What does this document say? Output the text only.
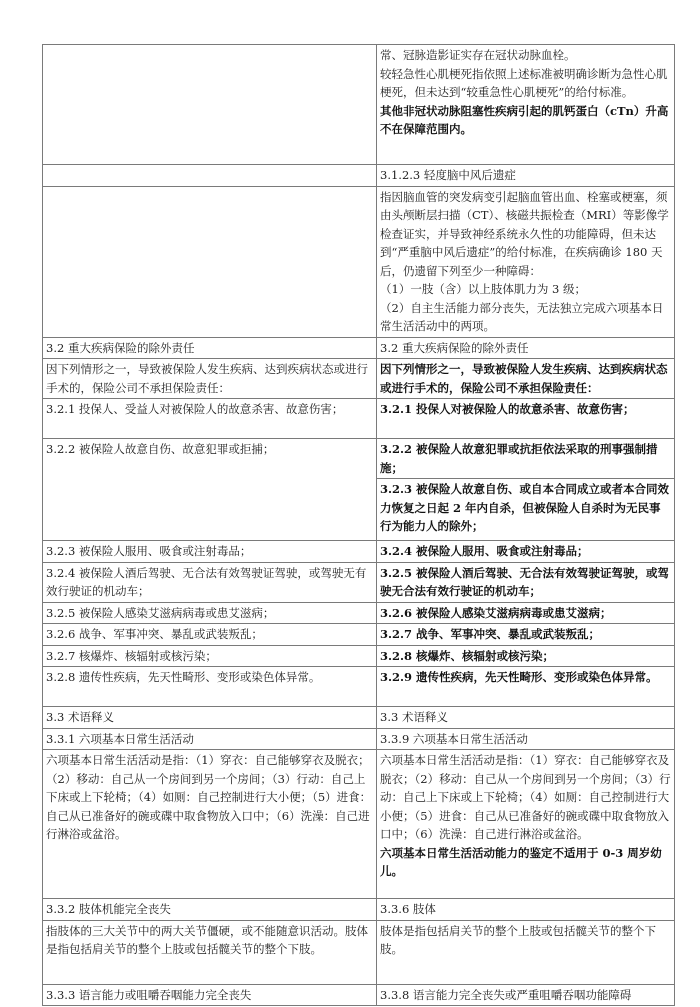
	常、冠脉造影证实存在冠状动脉血栓。
较轻急性心肌梗死指依照上述标准被明确诊断为急性心肌梗死，但未达到“较重急性心肌梗死”的给付标准。
其他非冠状动脉阻塞性疾病引起的肌钙蛋白（cTn）升高不在保障范围内。

	3.1.2.3 轻度脑中风后遗症

	指因脑血管的突发病变引起脑血管出血、栓塞或梗塞，须由头颅断层扫描（CT）、核磁共振检查（MRI）等影像学检查证实，并导致神经系统永久性的功能障碍，但未达到“严重脑中风后遗症”的给付标准，在疾病确诊 180 天后，仍遗留下列至少一种障碍：
（1）一肢（含）以上肢体肌力为 3 级；
（2）自主生活能力部分丧失，无法独立完成六项基本日常生活活动中的两项。

3.2 重大疾病保险的除外责任	3.2 重大疾病保险的除外责任

因下列情形之一，导致被保险人发生疾病、达到疾病状态或进行手术的，保险公司不承担保险责任：	因下列情形之一，导致被保险人发生疾病、达到疾病状态或进行手术的，保险公司不承担保险责任：

3.2.1 投保人、受益人对被保险人的故意杀害、故意伤害；	3.2.1 投保人对被保险人的故意杀害、故意伤害；

3.2.2 被保险人故意自伤、故意犯罪或拒捕；	3.2.2 被保险人故意犯罪或抗拒依法采取的刑事强制措施；

	3.2.3 被保险人故意自伤、或自本合同成立或者本合同效力恢复之日起 2 年内自杀，但被保险人自杀时为无民事行为能力人的除外；

3.2.3 被保险人服用、吸食或注射毒品；	3.2.4 被保险人服用、吸食或注射毒品；

3.2.4 被保险人酒后驾驶、无合法有效驾驶证驾驶，或驾驶无有效行驶证的机动车；	3.2.5 被保险人酒后驾驶、无合法有效驾驶证驾驶，或驾驶无合法有效行驶证的机动车；

3.2.5 被保险人感染艾滋病病毒或患艾滋病；	3.2.6 被保险人感染艾滋病病毒或患艾滋病；

3.2.6 战争、军事冲突、暴乱或武装叛乱；	3.2.7 战争、军事冲突、暴乱或武装叛乱；

3.2.7 核爆炸、核辐射或核污染；	3.2.8 核爆炸、核辐射或核污染；

3.2.8 遗传性疾病，先天性畸形、变形或染色体异常。	3.2.9 遗传性疾病，先天性畸形、变形或染色体异常。

3.3 术语释义	3.3 术语释义

3.3.1 六项基本日常生活活动	3.3.9 六项基本日常生活活动

六项基本日常生活活动是指：（1）穿衣：自己能够穿衣及脱衣；（2）移动：自己从一个房间到另一个房间；（3）行动：自己上下床或上下轮椅；（4）如厕：自己控制进行大小便；（5）进食：自己从已准备好的碗或碟中取食物放入口中；（6）洗澡：自己进行淋浴或盆浴。	六项基本日常生活活动是指：（1）穿衣：自己能够穿衣及脱衣；（2）移动：自己从一个房间到另一个房间；（3）行动：自己上下床或上下轮椅；（4）如厕：自己控制进行大小便；（5）进食：自己从已准备好的碗或碟中取食物放入口中；（6）洗澡：自己进行淋浴或盆浴。
六项基本日常生活活动能力的鉴定不适用于 0-3 周岁幼儿。

3.3.2 肢体机能完全丧失	3.3.6 肢体

指肢体的三大关节中的两大关节僵硬，或不能随意识活动。肢体是指包括肩关节的整个上肢或包括髋关节的整个下肢。	肢体是指包括肩关节的整个上肢或包括髋关节的整个下肢。

3.3.3 语言能力或咀嚼吞咽能力完全丧失	3.3.8 语言能力完全丧失或严重咀嚼吞咽功能障碍
